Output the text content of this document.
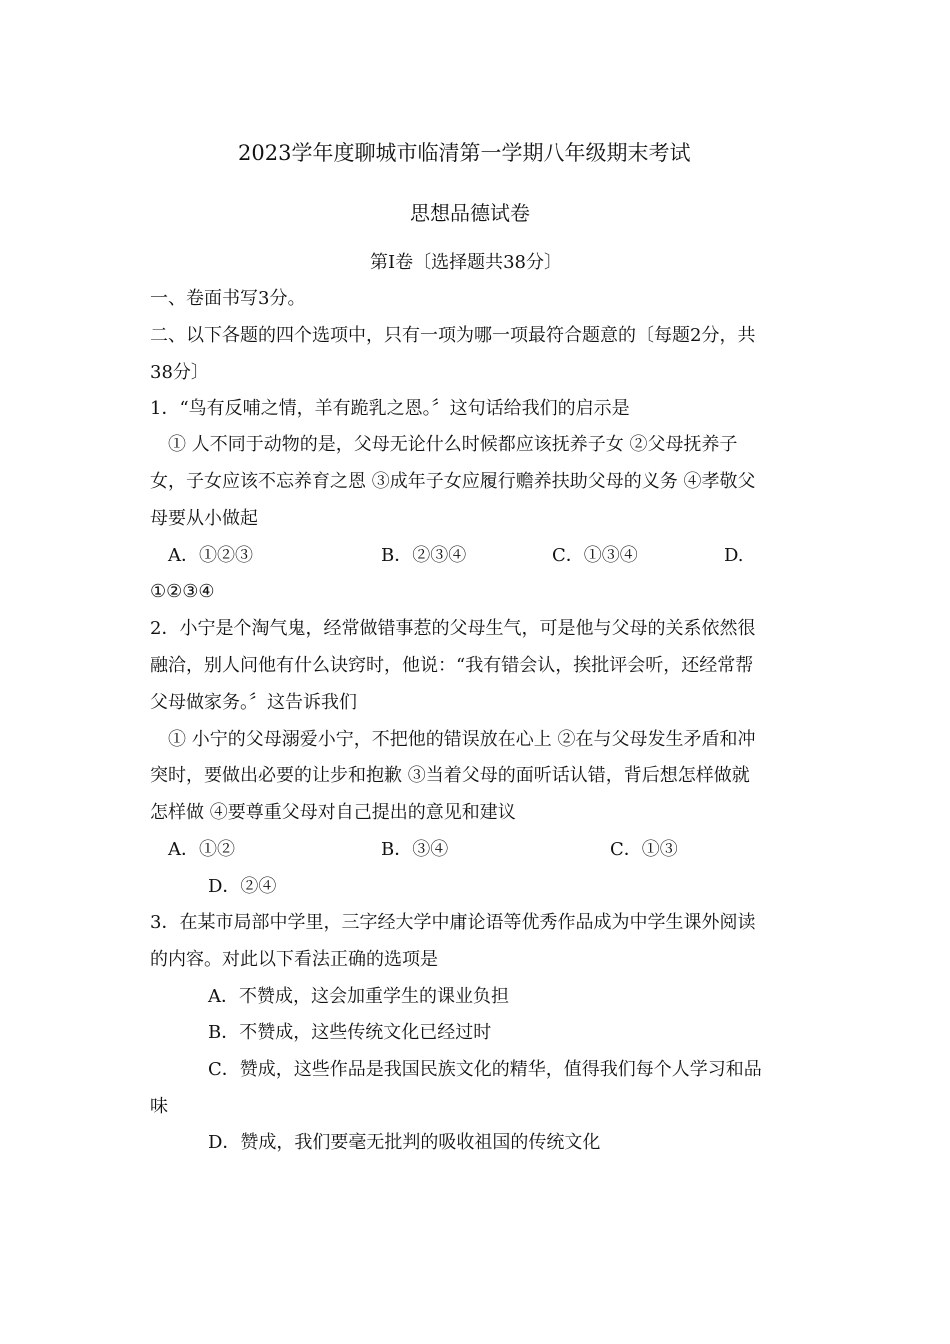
2023学年度聊城市临清第一学期八年级期末考试
思想品德试卷
第I卷〔选择题共38分〕
一、卷面书写3分。
二、以下各题的四个选项中，只有一项为哪一项最符合题意的〔每题2分，共
38分〕
1．“鸟有反哺之情，羊有跪乳之恩。〞这句话给我们的启示是
① 人不同于动物的是，父母无论什么时候都应该抚养子女 ②父母抚养子
女，子女应该不忘养育之恩 ③成年子女应履行赡养扶助父母的义务 ④孝敬父
母要从小做起
A．①②③	B．②③④	C．①③④	D.
①②③④
2．小宁是个淘气鬼，经常做错事惹的父母生气，可是他与父母的关系依然很
融洽，别人问他有什么诀窍时，他说：“我有错会认，挨批评会听，还经常帮
父母做家务。〞这告诉我们
① 小宁的父母溺爱小宁，不把他的错误放在心上 ②在与父母发生矛盾和冲
突时，要做出必要的让步和抱歉 ③当着父母的面听话认错，背后想怎样做就
怎样做 ④要尊重父母对自己提出的意见和建议
A．①②	B．③④	C．①③
D．②④
3．在某市局部中学里，三字经大学中庸论语等优秀作品成为中学生课外阅读
的内容。对此以下看法正确的选项是
A．不赞成，这会加重学生的课业负担
B．不赞成，这些传统文化已经过时
C．赞成，这些作品是我国民族文化的精华，值得我们每个人学习和品
味
D．赞成，我们要毫无批判的吸收祖国的传统文化
